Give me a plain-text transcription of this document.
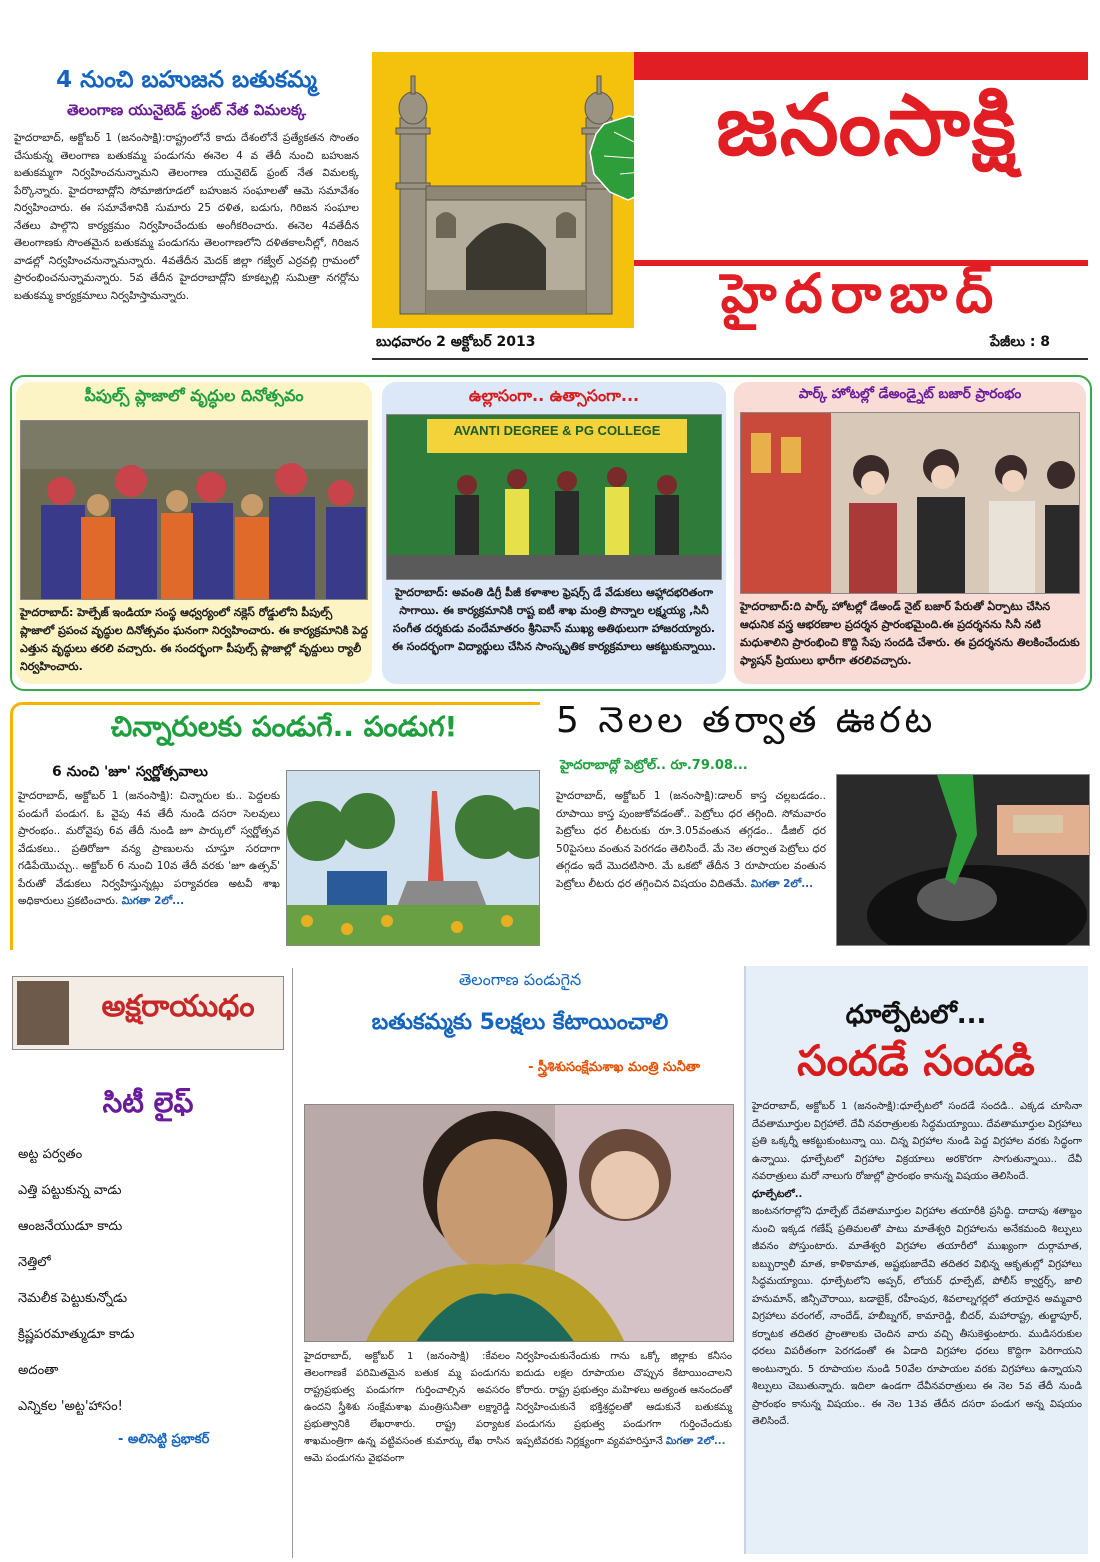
4 నుంచి బహుజన బతుకమ్మ
తెలంగాణ యునైటెడ్ ఫ్రంట్ నేత విమలక్క
హైదరాబాద్, అక్టోబర్ 1 (జనంసాక్షి):రాష్ట్రంలోనే కాదు దేశంలోనే ప్రత్యేకతన సొంతం చేసుకున్న తెలంగాణ బతుకమ్మ పండుగను ఈనెల 4 వ తేదీ నుంచి బహుజన బతుకమ్మగా నిర్వహించనున్నామని తెలంగాణ యునైటెడ్ ఫ్రంట్ నేత విమలక్క పేర్కొన్నారు. హైదరాబాద్లోని సోమాజిగూడలో బహుజన సంఘాలతో ఆమె సమావేశం నిర్వహించారు. ఈ సమావేశానికి సుమారు 25 దళిత, బడుగు, గిరిజన సంఘాల నేతలు పాల్గొని కార్యక్రమం నిర్వహించేందుకు అంగీకరించారు. ఈనెల 4వతేదీన తెలంగాణకు సొంతమైన బతుకమ్మ పండుగను తెలంగాణలోని దళితకాలనీల్లో, గిరిజన వాడల్లో నిర్వహించనున్నామన్నారు. 4వతేదీన మెదక్ జిల్లా గజ్వేల్ ఎర్రవల్లి గ్రామంలో ప్రారంభించనున్నామన్నారు. 5వ తేదీన హైదరాబాద్లోని కూకట్పల్లి సుమిత్రా నగర్లోను బతుకమ్మ కార్యక్రమాలు నిర్వహిస్తామన్నారు.
జనంసాక్షి
హైదరాబాద్
బుధవారం 2 అక్టోబర్ 2013	పేజీలు : 8
పీపుల్స్ ప్లాజాలో వృద్ధుల దినోత్సవం
హైదరాబాద్: హెల్పేజ్ ఇండియా సంస్థ ఆధ్వర్యంలో నక్లెస్ రోడ్డులోని పీపుల్స్ ప్లాజాలో ప్రపంచ వృద్ధుల దినోత్సవం ఘనంగా నిర్వహించారు. ఈ కార్యక్రమానికి పెద్ద ఎత్తున వృద్ధులు తరలి వచ్చారు. ఈ సందర్భంగా పీపుల్స్ ప్లాజాల్లో వృద్దులు ర్యాలీ నిర్వహించారు.
ఉల్లాసంగా.. ఉత్సాసంగా...
AVANTI DEGREE & PG COLLEGE
హైదరాబాద్: అవంతి డిగ్రీ పీజీ కళాశాల ఫ్రెషర్స్ డే వేడుకలు ఆహ్లాదభరితంగా సాగాయి. ఈ కార్యక్రమానికి రాష్ట ఐటీ శాఖ మంత్రి పొన్నాల లక్ష్మయ్య ,సినీ సంగీత దర్శకుడు వందేమాతరం శ్రీనివాస్ ముఖ్య అతిథులుగా హాజరయ్యారు. ఈ సందర్భంగా విద్యార్థులు చేసిన సాంస్కృతిక కార్యక్రమాలు ఆకట్టుకున్నాయి.
పార్క్ హోటల్లో డేఅండ్నైట్ బజార్ ప్రారంభం
హైదరాబాద్:ది పార్క్ హోటల్లో డేఅండ్ నైట్ బజార్ పేరుతో ఏర్పాటు చేసిన ఆధునిక వస్త్ర ఆభరణాల ప్రదర్శన ప్రారంభమైంది.ఈ ప్రదర్శనను సినీ నటి మధుశాలిని ప్రారంభించి కొద్ది సేపు సందడి చేశారు. ఈ ప్రదర్శనను తిలకించేందుకు ఫ్యాషన్ ప్రియులు భారీగా తరలివచ్చారు.
చిన్నారులకు పండుగే.. పండుగ!
6 నుంచి 'జూ' స్వర్ణోత్సవాలు
హైదరాబాద్, అక్టోబర్ 1 (జనంసాక్షి): చిన్నారుల కు.. పెద్దలకు పండుగే పండుగ. ఓ వైపు 4వ తేదీ నుండి దసరా సెలవులు ప్రారంభం.. మరోవైపు 6వ తేదీ నుండి జూ పార్కులో స్వర్ణోత్సవ వేడుకలు.. ప్రతిరోజూ వన్య ప్రాణులను చూస్తూ సరదాగా గడిపేయొచ్చు.. అక్టోబర్ 6 నుంచి 10వ తేదీ వరకు 'జూ ఉత్సవ్' పేరుతో వేడుకలు నిర్వహిస్తున్నట్లు పర్యావరణ అటవీ శాఖ అధికారులు ప్రకటించారు. మిగతా 2లో...
5 నెలల తర్వాత ఊరట
హైదరాబాద్లో పెట్రోల్.. రూ.79.08...
హైదరాబాద్, అక్టోబర్ 1 (జనంసాక్షి):డాలర్ కాస్త చల్లబడడం.. రూపాయి కాస్త పుంజుకోవడంతో.. పెట్రోలు ధర తగ్గింది. సోమవారం పెట్రోలు ధర లీటరుకు రూ.3.05వంతున తగ్గడం.. డీజిల్ ధర 50పైసలు వంతున పెరగడం తెలిసిందే. మే నెల తర్వాత పెట్రోలు ధర తగ్గడం ఇదే మొదటిసారి. మే ఒకటో తేదీన 3 రూపాయల వంతున పెట్రోలు లీటరు ధర తగ్గించిన విషయం విదితమే. మిగతా 2లో...
అక్షరాయుధం
సిటీ లైఫ్
అట్ట పర్వతం
ఎత్తి పట్టుకున్న వాడు
ఆంజనేయుడూ కాదు
నెత్తిలో
నెమలీక పెట్టుకున్నోడు
క్రిష్ణపరమాత్ముడూ కాడు
అదంతా
ఎన్నికల 'అట్ట'హాసం!
- అలిసెట్టి ప్రభాకర్
తెలంగాణ పండుగైన
బతుకమ్మకు 5లక్షలు కేటాయించాలి
- స్త్రీశిశుసంక్షేమశాఖ మంత్రి సునీతా
హైదరాబాద్, అక్టోబర్ 1 (జనంసాక్షి) :కేవలం తెలంగాణకే పరిమితమైన బతుక మ్మ పండుగను రాష్ట్రప్రభుత్వ పండుగగా గుర్తించాల్సిన అవసరం ఉందని స్త్రీశిశు సంక్షేమశాఖ మంత్రిసునీతా లక్ష్మారెడ్డి ప్రభుత్వానికి లేఖరాశారు. రాష్ట్ర పర్యాటక శాఖమంత్రిగా ఉన్న వట్టివసంత కుమార్కు లేఖ రాసిన ఆమె పండుగను వైభవంగా
నిర్వహించుకునేందుకు గాను ఒక్కో జిల్లాకు కనీసం ఐదుడు లక్షల రూపాయల చొప్పున కేటాయించాలని కోరారు. రాష్ట్ర ప్రభుత్వం మహిళలు అత్యంత ఆనందంతో నిర్వహించుకునే భక్తిశ్రద్ధలతో ఆడుకునే బతుకమ్మ పండుగను ప్రభుత్వ పండుగగా గుర్తించేందుకు ఇప్పటివరకు నిర్లక్ష్యంగా వ్యవహరిస్తూనే మిగతా 2లో...
ధూల్పేటలో...
సందడే సందడి
హైదరాబాద్, అక్టోబర్ 1 (జనంసాక్షి):ధూల్పేటలో సందడే సందడి.. ఎక్కడ చూసినా దేవతామూర్తుల విగ్రహాలే. దేవీ నవరాత్రులకు సిద్ధమయ్యాయి. దేవతామూర్తుల విగ్రహాలు ప్రతి ఒక్కర్నీ ఆకట్టుకుంటున్నా యి. చిన్న విగ్రహాల నుండి పెద్ద విగ్రహాల వరకు సిద్ధంగా ఉన్నాయి. ధూల్పేటలో విగ్రహాల విక్రయాలు అరకొరగా సాగుతున్నాయి.. దేవీ నవరాత్రులు మరో నాలుగు రోజుల్లో ప్రారంభం కానున్న విషయం తెలిసిందే.
ధూల్పేటలో..
జంటనగరాల్లోని ధూల్పేట్ దేవతామూర్తుల విగ్రహాల తయారీకి ప్రసిద్ధి. దాదాపు శతాబ్దం నుంచి ఇక్కడ గణేష్ ప్రతిమలతో పాటు మాతేశ్వరి విగ్రహాలను అనేకమంది శిల్పులు జీవనం పోస్తుంటారు. మాతేశ్వరి విగ్రహాల తయారీలో ముఖ్యంగా దుర్గామాత, బబ్బుర్వాలీ మాత, కాళికామాత, అష్టభుజాదేవి తదితర విభిన్న ఆకృతుల్లో విగ్రహాలు సిద్ధమయ్యాయి. ధూల్పేటలోని అప్పర్, లోయర్ ధూల్పేట్, పోలీస్ క్వార్టర్స్, జాలి హనుమాన్, జిన్సీచౌరాయి, బడాబైక్, రహీంపుర, శివలాల్నగర్లలో తయారైన అమ్మవారి విగ్రహాలు వరంగల్, నాందేడ్, హబీబ్నగర్, కామారెడ్డి, బీదర్, మహారాష్ట్ర, తుల్జాపూర్, కర్నాటక తదితర ప్రాంతాలకు చెందిన వారు వచ్చి తీసుకెళ్తుంటారు. ముడిసరుకుల ధరలు విపరీతంగా పెరగడంతో ఈ ఏడాది విగ్రహాల ధరలు కొద్దిగా పెరిగాయని అంటున్నారు. 5 రూపాయల నుండి 50వేల రూపాయల వరకు విగ్రహాలు ఉన్నాయని శిల్పులు చెబుతున్నారు. ఇదిలా ఉండగా దేవీనవరాత్రులు ఈ నెల 5వ తేదీ నుండి ప్రారంభం కానున్న విషయం.. ఈ నెల 13వ తేదీన దసరా పండుగ అన్న విషయం తెలిసిందే.
